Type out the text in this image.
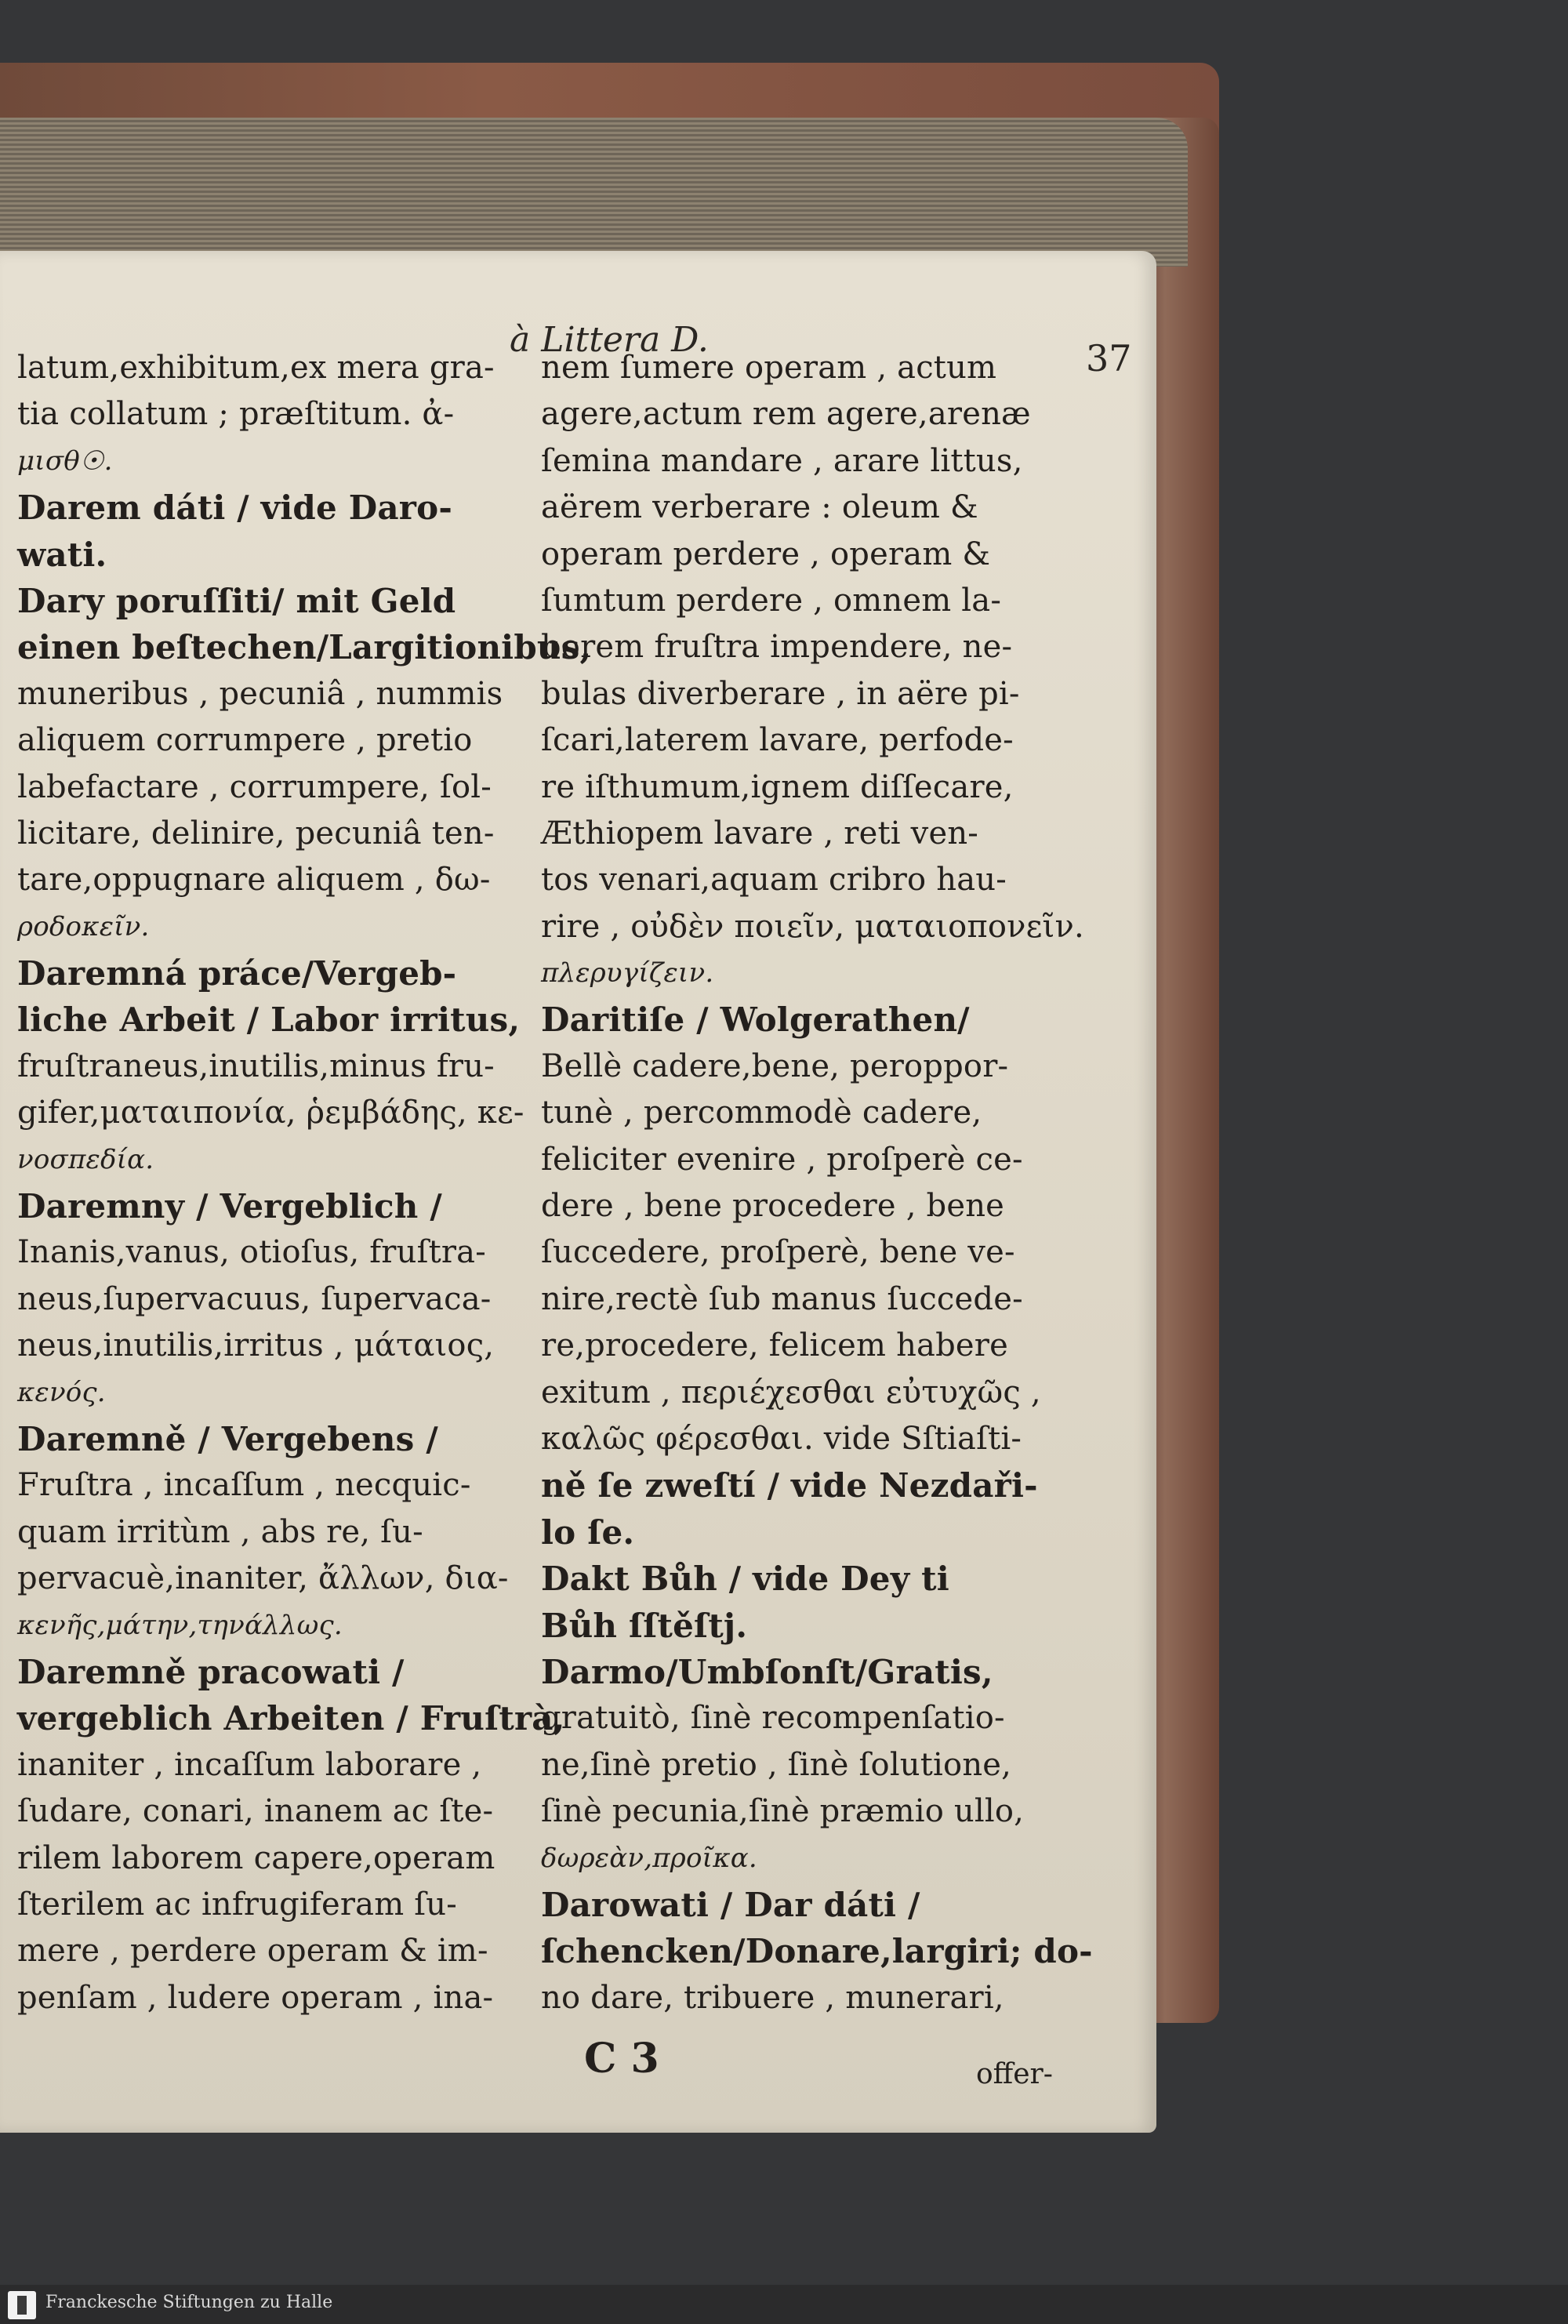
à Littera D.	37
latum,exhibitum,ex mera gra-
tia collatum ; præſtitum. ἀ-
μισθ☉.
Darem dáti / vide Daro-
wati.
Dary poruſſiti/ mit Geld
einen beſtechen/Largitionibus,
muneribus , pecuniâ , nummis
aliquem corrumpere , pretio
labefactare , corrumpere, ſol-
licitare, delinire, pecuniâ ten-
tare,oppugnare aliquem , δω-
ροδοκεῖν.
Daremná práce/Vergeb-
liche Arbeit / Labor irritus,
fruſtraneus,inutilis,minus fru-
gifer,ματαιπονία, ῥεμβάδης, κε-
νοσπεδία.
Daremny / Vergeblich /
Inanis,vanus, otioſus, fruſtra-
neus,ſupervacuus, ſupervaca-
neus,inutilis,irritus , μάταιος,
κενός.
Daremně / Vergebens /
Fruſtra , incaſſum , necquic-
quam irritùm , abs re, ſu-
pervacuè,inaniter, ἄλλων, δια-
κενῆς,μάτην,τηνάλλως.
Daremně pracowati /
vergeblich Arbeiten / Fruſtrà,
inaniter , incaſſum laborare ,
ſudare, conari, inanem ac ſte-
rilem laborem capere,operam
ſterilem ac infrugiferam ſu-
mere , perdere operam & im-
penſam , ludere operam , ina-
nem ſumere operam , actum
agere,actum rem agere,arenæ
ſemina mandare , arare littus,
aërem verberare : oleum &
operam perdere , operam &
ſumtum perdere , omnem la-
borem fruſtra impendere, ne-
bulas diverberare , in aëre pi-
ſcari,laterem lavare, perfode-
re iſthumum,ignem diſſecare,
Æthiopem lavare , reti ven-
tos venari,aquam cribro hau-
rire , οὐδὲν ποιεῖν, ματαιοπονεῖν.
πλερυγίζειν.
Daritiſe / Wolgerathen/
Bellè cadere,bene, peroppor-
tunè , percommodè cadere,
feliciter evenire , proſperè ce-
dere , bene procedere , bene
ſuccedere, proſperè, bene ve-
nire,rectè ſub manus ſuccede-
re,procedere, felicem habere
exitum , περιέχεσθαι εὐτυχῶς ,
καλῶς φέρεσθαι. vide Sſtiaſti-
ně ſe zweſtí / vide Nezdaři-
lo ſe.
Dakt Bůh / vide Dey ti
Bůh ſſtěſtj.
Darmo/Umbſonſt/Gratis,
gratuitò, ſinè recompenſatio-
ne,ſinè pretio , ſinè ſolutione,
ſinè pecunia,ſinè præmio ullo,
δωρεὰν,προῖκα.
Darowati / Dar dáti /
ſchencken/Donare,largiri; do-
no dare, tribuere , munerari,
C 3	offer-
Franckesche Stiftungen zu Halle
